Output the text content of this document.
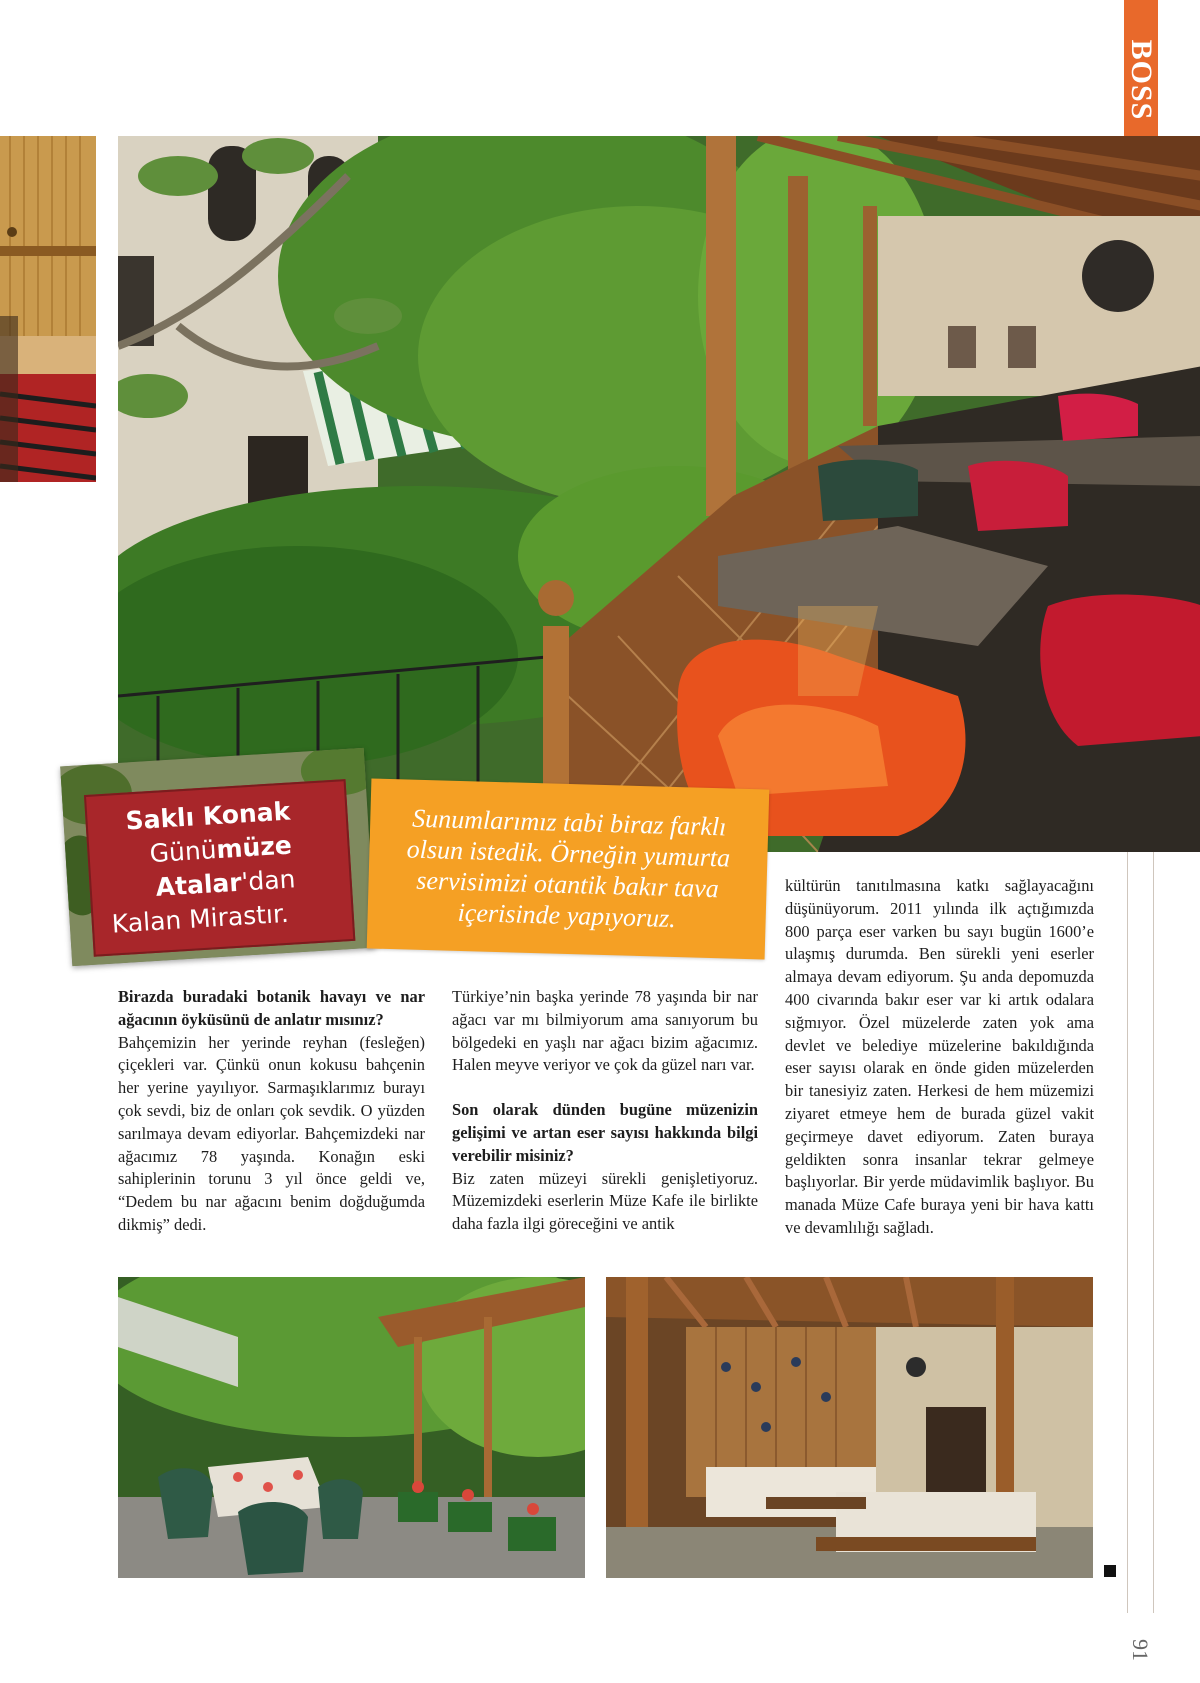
BOSS
91
Saklı Konak
Günümüze
Atalar'dan
Kalan Mirastır.
Sunumlarımız tabi biraz farklı olsun istedik. Örneğin yumurta servisimizi otantik bakır tava içerisinde yapıyoruz.

Birazda buradaki botanik havayı ve nar ağacının öyküsünü de anlatır mısınız?

Bahçemizin her yerinde reyhan (fesleğen) çiçekleri var. Çünkü onun kokusu bahçenin her yerine yayılıyor. Sarmaşıklarımız burayı çok sevdi, biz de onları çok sevdik. O yüzden sarılmaya devam ediyorlar. Bahçemizdeki nar ağacımız 78 yaşında. Konağın eski sahiplerinin torunu 3 yıl önce geldi ve, “Dedem bu nar ağacını benim doğduğumda dikmiş” dedi.

Türkiye’nin başka yerinde 78 yaşında bir nar ağacı var mı bilmiyorum ama sanıyorum bu bölgedeki en yaşlı nar ağacı bizim ağacımız. Halen meyve veriyor ve çok da güzel narı var.

Son olarak dünden bugüne müzenizin gelişimi ve artan eser sayısı hakkında bilgi verebilir misiniz?

Biz zaten müzeyi sürekli genişletiyoruz. Müzemizdeki eserlerin Müze Kafe ile birlikte daha fazla ilgi göreceğini ve antik

kültürün tanıtılmasına katkı sağlayacağını düşünüyorum. 2011 yılında ilk açtığımızda 800 parça eser varken bu sayı bugün 1600’e ulaşmış durumda. Ben sürekli yeni eserler almaya devam ediyorum. Şu anda depomuzda 400 civarında bakır eser var ki artık odalara sığmıyor. Özel müzelerde zaten yok ama devlet ve belediye müzelerine bakıldığında eser sayısı olarak en önde giden müzelerden bir tanesiyiz zaten. Herkesi de hem müzemizi ziyaret etmeye hem de burada güzel vakit geçirmeye davet ediyorum. Zaten buraya geldikten sonra insanlar tekrar gelmeye başlıyorlar. Bir yerde müdavimlik başlıyor. Bu manada Müze Cafe buraya yeni bir hava kattı ve devamlılığı sağladı.
